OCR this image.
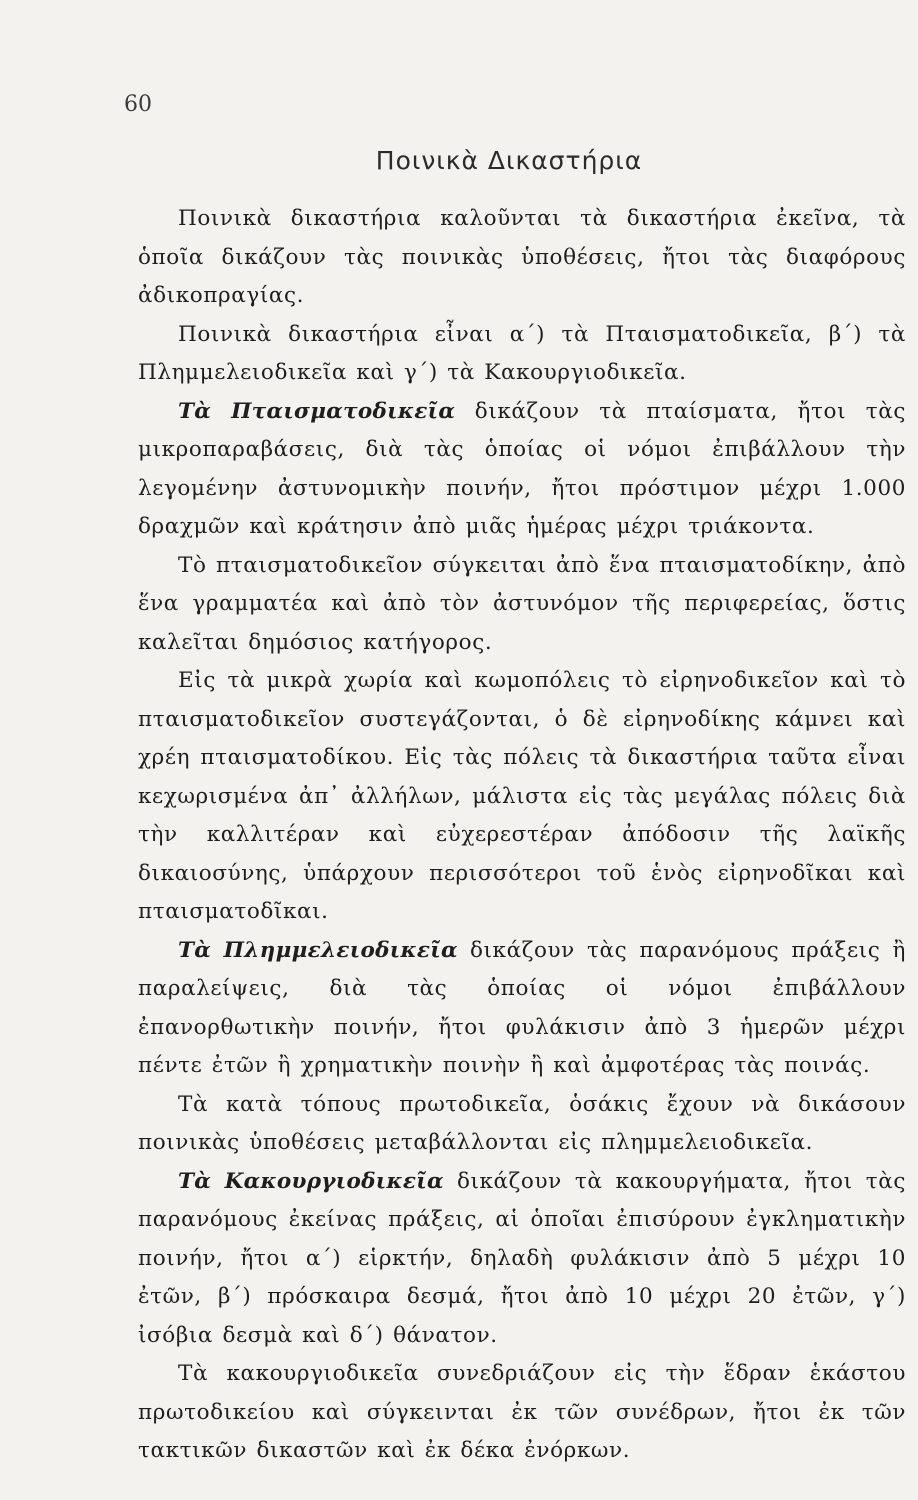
60
Ποινικὰ Δικαστήρια

Ποινικὰ δικαστήρια καλοῦνται τὰ δικαστήρια ἐκεῖνα, τὰ ὁποῖα δικάζουν τὰς ποινικὰς ὑποθέσεις, ἤτοι τὰς διαφόρους ἀδικοπραγίας.

Ποινικὰ δικαστήρια εἶναι α΄) τὰ Πταισματοδικεῖα, β΄) τὰ Πλημμελειοδικεῖα καὶ γ΄) τὰ Κακουργιοδικεῖα.

Τὰ Πταισματοδικεῖα δικάζουν τὰ πταίσματα, ἤτοι τὰς μικροπαραβάσεις, διὰ τὰς ὁποίας οἱ νόμοι ἐπιβάλλουν τὴν λεγομένην ἀστυνομικὴν ποινήν, ἤτοι πρόστιμον μέχρι 1.000 δραχμῶν καὶ κράτησιν ἀπὸ μιᾶς ἡμέρας μέχρι τριάκοντα.

Τὸ πταισματοδικεῖον σύγκειται ἀπὸ ἕνα πταισματοδίκην, ἀπὸ ἕνα γραμματέα καὶ ἀπὸ τὸν ἀστυνόμον τῆς περιφερείας, ὅστις καλεῖται δημόσιος κατήγορος.

Εἰς τὰ μικρὰ χωρία καὶ κωμοπόλεις τὸ εἰρηνοδικεῖον καὶ τὸ πταισματοδικεῖον συστεγάζονται, ὁ δὲ εἰρηνοδίκης κάμνει καὶ χρέη πταισματοδίκου. Εἰς τὰς πόλεις τὰ δικαστήρια ταῦτα εἶναι κεχωρισμένα ἀπ᾿ ἀλλήλων, μάλιστα εἰς τὰς μεγάλας πόλεις διὰ τὴν καλλιτέραν καὶ εὐχερεστέραν ἀπόδοσιν τῆς λαϊκῆς δικαιοσύνης, ὑπάρχουν περισσότεροι τοῦ ἑνὸς εἰρηνοδῖκαι καὶ πταισματοδῖκαι.

Τὰ Πλημμελειοδικεῖα δικάζουν τὰς παρανόμους πράξεις ἢ παραλείψεις, διὰ τὰς ὁποίας οἱ νόμοι ἐπιβάλλουν ἐπανορθωτικὴν ποινήν, ἤτοι φυλάκισιν ἀπὸ 3 ἡμερῶν μέχρι πέντε ἐτῶν ἢ χρηματικὴν ποινὴν ἢ καὶ ἀμφοτέρας τὰς ποινάς.

Τὰ κατὰ τόπους πρωτοδικεῖα, ὁσάκις ἔχουν νὰ δικάσουν ποινικὰς ὑποθέσεις μεταβάλλονται εἰς πλημμελειοδικεῖα.

Τὰ Κακουργιοδικεῖα δικάζουν τὰ κακουργήματα, ἤτοι τὰς παρανόμους ἐκείνας πράξεις, αἱ ὁποῖαι ἐπισύρουν ἐγκληματικὴν ποινήν, ἤτοι α΄) εἱρκτήν, δηλαδὴ φυλάκισιν ἀπὸ 5 μέχρι 10 ἐτῶν, β΄) πρόσκαιρα δεσμά, ἤτοι ἀπὸ 10 μέχρι 20 ἐτῶν, γ΄) ἰσόβια δεσμὰ καὶ δ΄) θάνατον.

Τὰ κακουργιοδικεῖα συνεδριάζουν εἰς τὴν ἕδραν ἑκάστου πρωτοδικείου καὶ σύγκεινται ἐκ τῶν συνέδρων, ἤτοι ἐκ τῶν τακτικῶν δικαστῶν καὶ ἐκ δέκα ἐνόρκων.
